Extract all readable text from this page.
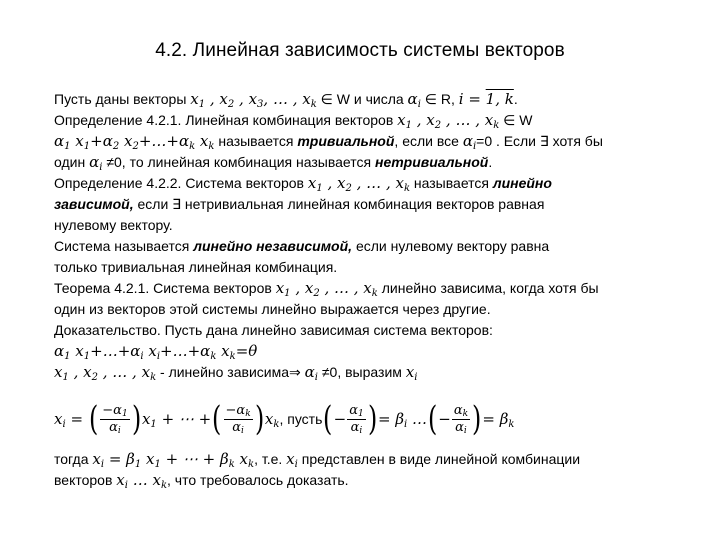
4.2. Линейная зависимость системы векторов
Пусть даны векторы $x_1$ , $x_2$ , $x_3$, … , $x_k$ ∈ W и числа $\alpha_i$ ∈ R, i = 1, k.
Определение 4.2.1. Линейная комбинация векторов $x_1$ , $x_2$ , … , $x_k$ ∈ W
$\alpha_1$ $x_1+\alpha_2$ $x_2+\dots+\alpha_k$ $x_k$ называется тривиальной, если все $\alpha_i=0$ . Если ∃ хотя бы
один $\alpha_i \ne 0$, то линейная комбинация называется нетривиальной.
Определение 4.2.2. Система векторов $x_1$ , $x_2$ , … , $x_k$ называется линейно
зависимой, если ∃ нетривиальная линейная комбинация векторов равная
нулевому вектору.
Система называется линейно независимой, если нулевому вектору равна
только тривиальная линейная комбинация.
Теорема 4.2.1. Система векторов $x_1$ , $x_2$ , … , $x_k$ линейно зависима, когда хотя бы
один из векторов этой системы линейно выражается через другие.
Доказательство. Пусть дана линейно зависимая система векторов:
$\alpha_1$ $x_1+\dots+\alpha_i$ $x_i+\dots+\alpha_k$ $x_k=\theta$
$x_1$ , $x_2$ , … , $x_k$ - линейно зависима⇒ $\alpha_i \ne 0$, выразим $x_i$
$x_i$ = ( $\frac{-\alpha_1}{\alpha_i}$ ) $x_1$ + ⋯ + ( $\frac{-\alpha_k}{\alpha_i}$ ) $x_k$ , пусть ( − $\frac{\alpha_1}{\alpha_i}$ ) = $\beta_i$ … ( − $\frac{\alpha_k}{\alpha_i}$ ) = $\beta_k$
тогда $x_i = \beta_1$ $x_1$ + ⋯ + $\beta_k$ $x_k$, т.е. $x_i$ представлен в виде линейной комбинации
векторов $x_i$ … $x_k$, что требовалось доказать.
